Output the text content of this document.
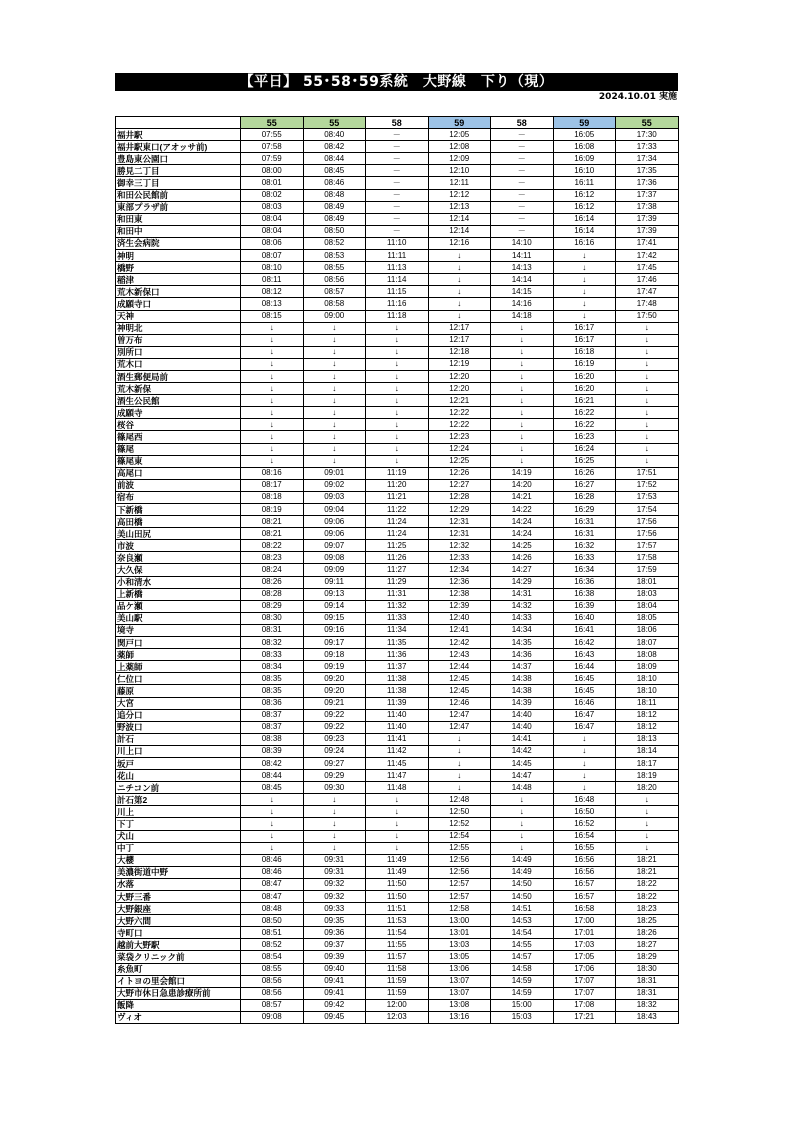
【平日】 55･58･59系統　大野線　下り（現）
2024.10.01 実施
	55	55	58	59	58	59	55
福井駅	07:55	08:40	－	12:05	－	16:05	17:30
福井駅東口(アオッサ前)	07:58	08:42	－	12:08	－	16:08	17:33
豊島東公園口	07:59	08:44	－	12:09	－	16:09	17:34
勝見二丁目	08:00	08:45	－	12:10	－	16:10	17:35
御幸三丁目	08:01	08:46	－	12:11	－	16:11	17:36
和田公民館前	08:02	08:48	－	12:12	－	16:12	17:37
東部プラザ前	08:03	08:49	－	12:13	－	16:12	17:38
和田東	08:04	08:49	－	12:14	－	16:14	17:39
和田中	08:04	08:50	－	12:14	－	16:14	17:39
済生会病院	08:06	08:52	11:10	12:16	14:10	16:16	17:41
神明	08:07	08:53	11:11	↓	14:11	↓	17:42
橋野	08:10	08:55	11:13	↓	14:13	↓	17:45
稲津	08:11	08:56	11:14	↓	14:14	↓	17:46
荒木新保口	08:12	08:57	11:15	↓	14:15	↓	17:47
成願寺口	08:13	08:58	11:16	↓	14:16	↓	17:48
天神	08:15	09:00	11:18	↓	14:18	↓	17:50
神明北	↓	↓	↓	12:17	↓	16:17	↓
曽万布	↓	↓	↓	12:17	↓	16:17	↓
別所口	↓	↓	↓	12:18	↓	16:18	↓
荒木口	↓	↓	↓	12:19	↓	16:19	↓
酒生郵便局前	↓	↓	↓	12:20	↓	16:20	↓
荒木新保	↓	↓	↓	12:20	↓	16:20	↓
酒生公民館	↓	↓	↓	12:21	↓	16:21	↓
成願寺	↓	↓	↓	12:22	↓	16:22	↓
桜谷	↓	↓	↓	12:22	↓	16:22	↓
篠尾西	↓	↓	↓	12:23	↓	16:23	↓
篠尾	↓	↓	↓	12:24	↓	16:24	↓
篠尾東	↓	↓	↓	12:25	↓	16:25	↓
高尾口	08:16	09:01	11:19	12:26	14:19	16:26	17:51
前波	08:17	09:02	11:20	12:27	14:20	16:27	17:52
宿布	08:18	09:03	11:21	12:28	14:21	16:28	17:53
下新橋	08:19	09:04	11:22	12:29	14:22	16:29	17:54
高田橋	08:21	09:06	11:24	12:31	14:24	16:31	17:56
美山田尻	08:21	09:06	11:24	12:31	14:24	16:31	17:56
市波	08:22	09:07	11:25	12:32	14:25	16:32	17:57
奈良瀬	08:23	09:08	11:26	12:33	14:26	16:33	17:58
大久保	08:24	09:09	11:27	12:34	14:27	16:34	17:59
小和清水	08:26	09:11	11:29	12:36	14:29	16:36	18:01
上新橋	08:28	09:13	11:31	12:38	14:31	16:38	18:03
品ケ瀬	08:29	09:14	11:32	12:39	14:32	16:39	18:04
美山駅	08:30	09:15	11:33	12:40	14:33	16:40	18:05
境寺	08:31	09:16	11:34	12:41	14:34	16:41	18:06
関戸口	08:32	09:17	11:35	12:42	14:35	16:42	18:07
薬師	08:33	09:18	11:36	12:43	14:36	16:43	18:08
上薬師	08:34	09:19	11:37	12:44	14:37	16:44	18:09
仁位口	08:35	09:20	11:38	12:45	14:38	16:45	18:10
藤原	08:35	09:20	11:38	12:45	14:38	16:45	18:10
大宮	08:36	09:21	11:39	12:46	14:39	16:46	18:11
追分口	08:37	09:22	11:40	12:47	14:40	16:47	18:12
野波口	08:37	09:22	11:40	12:47	14:40	16:47	18:12
計石	08:38	09:23	11:41	↓	14:41	↓	18:13
川上口	08:39	09:24	11:42	↓	14:42	↓	18:14
坂戸	08:42	09:27	11:45	↓	14:45	↓	18:17
花山	08:44	09:29	11:47	↓	14:47	↓	18:19
ニチコン前	08:45	09:30	11:48	↓	14:48	↓	18:20
計石第2	↓	↓	↓	12:48	↓	16:48	↓
川上	↓	↓	↓	12:50	↓	16:50	↓
下丁	↓	↓	↓	12:52	↓	16:52	↓
犬山	↓	↓	↓	12:54	↓	16:54	↓
中丁	↓	↓	↓	12:55	↓	16:55	↓
大櫻	08:46	09:31	11:49	12:56	14:49	16:56	18:21
美濃街道中野	08:46	09:31	11:49	12:56	14:49	16:56	18:21
水落	08:47	09:32	11:50	12:57	14:50	16:57	18:22
大野三番	08:47	09:32	11:50	12:57	14:50	16:57	18:22
大野銀座	08:48	09:33	11:51	12:58	14:51	16:58	18:23
大野六間	08:50	09:35	11:53	13:00	14:53	17:00	18:25
寺町口	08:51	09:36	11:54	13:01	14:54	17:01	18:26
越前大野駅	08:52	09:37	11:55	13:03	14:55	17:03	18:27
菜袋クリニック前	08:54	09:39	11:57	13:05	14:57	17:05	18:29
糸魚町	08:55	09:40	11:58	13:06	14:58	17:06	18:30
イトヨの里会館口	08:56	09:41	11:59	13:07	14:59	17:07	18:31
大野市休日急患診療所前	08:56	09:41	11:59	13:07	14:59	17:07	18:31
飯降	08:57	09:42	12:00	13:08	15:00	17:08	18:32
ヴィオ	09:08	09:45	12:03	13:16	15:03	17:21	18:43
